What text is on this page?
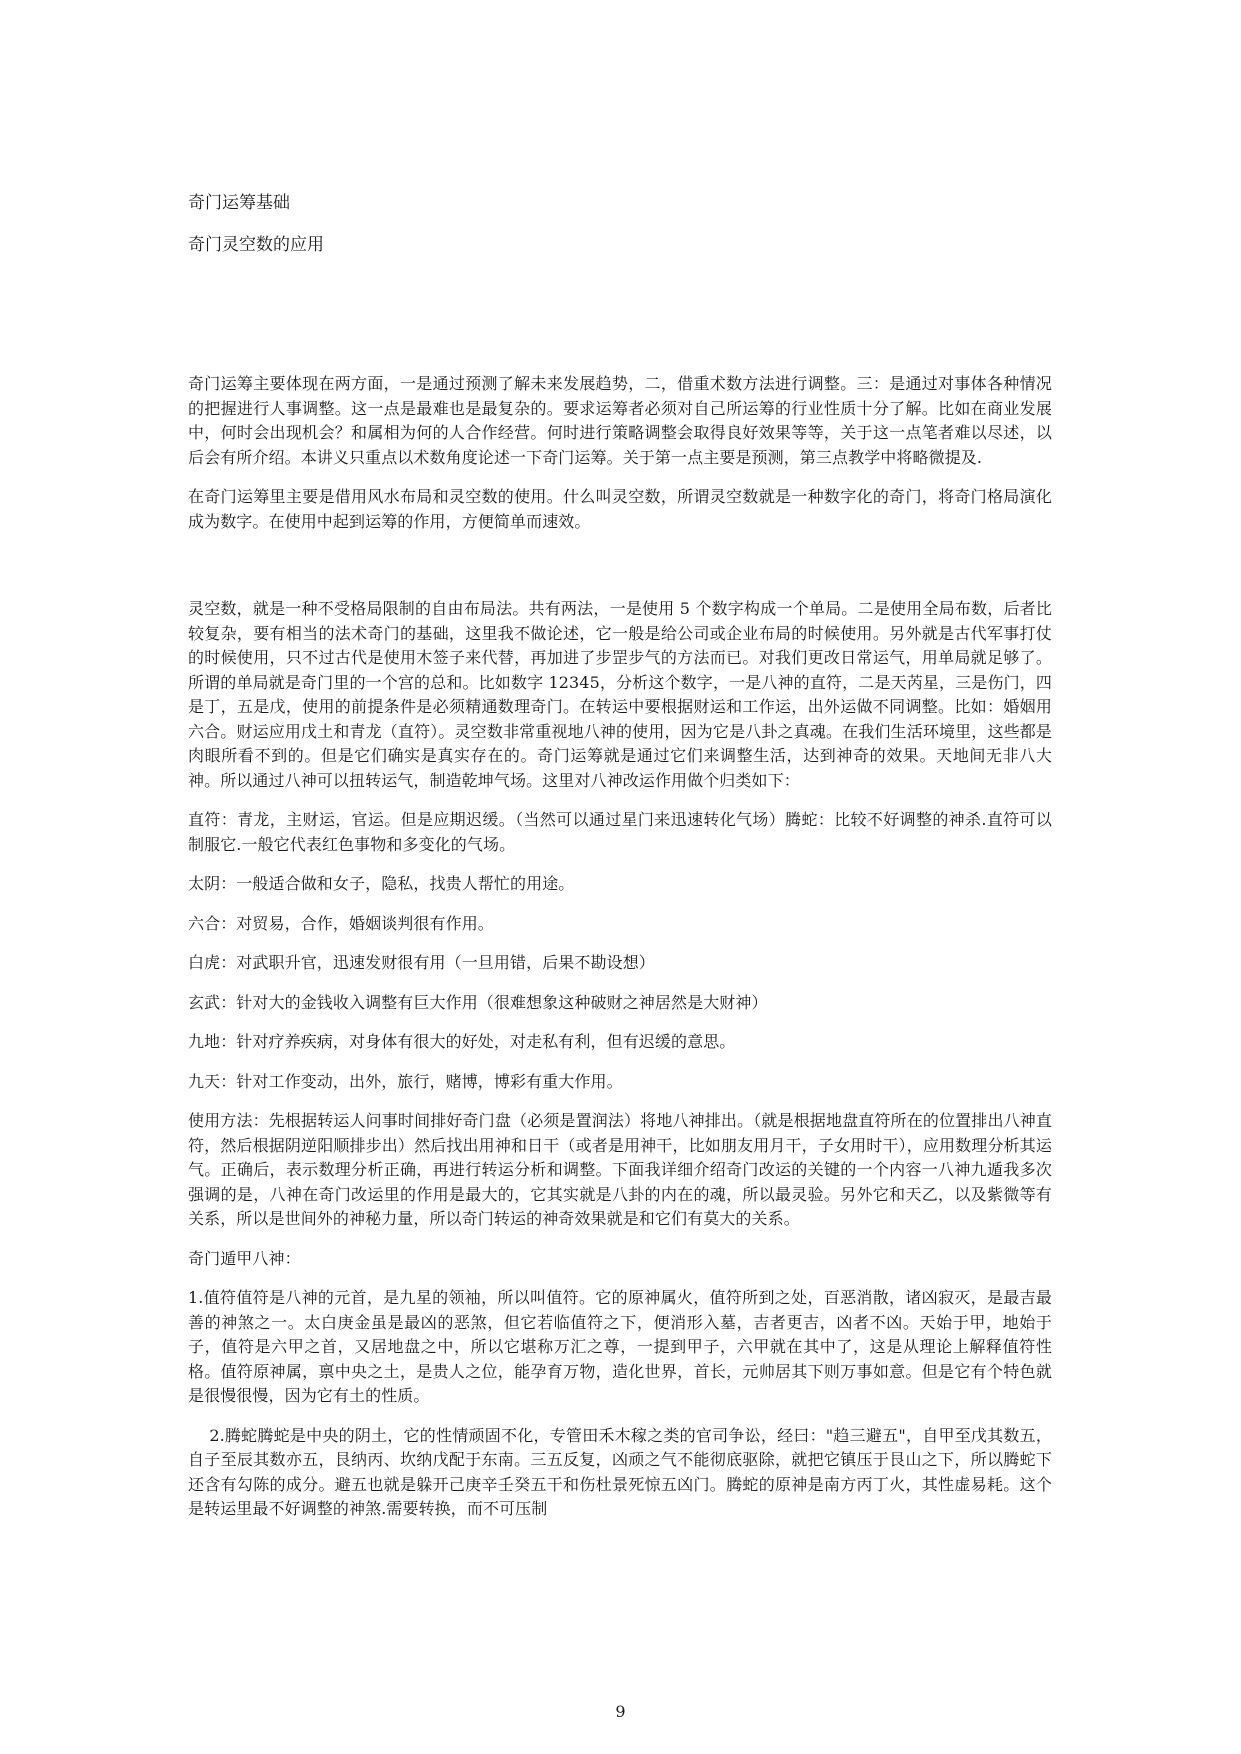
奇门运筹基础
奇门灵空数的应用

奇门运筹主要体现在两方面，一是通过预测了解未来发展趋势，二，借重术数方法进行调整。三：是通过对事体各种情况的把握进行人事调整。这一点是最难也是最复杂的。要求运筹者必须对自己所运筹的行业性质十分了解。比如在商业发展中，何时会出现机会？和属相为何的人合作经营。何时进行策略调整会取得良好效果等等，关于这一点笔者难以尽述，以后会有所介绍。本讲义只重点以术数角度论述一下奇门运筹。关于第一点主要是预测，第三点教学中将略微提及.

在奇门运筹里主要是借用风水布局和灵空数的使用。什么叫灵空数，所谓灵空数就是一种数字化的奇门，将奇门格局演化成为数字。在使用中起到运筹的作用，方便简单而速效。

灵空数，就是一种不受格局限制的自由布局法。共有两法，一是使用 5 个数字构成一个单局。二是使用全局布数，后者比较复杂，要有相当的法术奇门的基础，这里我不做论述，它一般是给公司或企业布局的时候使用。另外就是古代军事打仗的时候使用，只不过古代是使用木签子来代替，再加进了步罡步气的方法而已。对我们更改日常运气，用单局就足够了。所谓的单局就是奇门里的一个宫的总和。比如数字 12345，分析这个数字，一是八神的直符，二是天芮星，三是伤门，四是丁，五是戊，使用的前提条件是必须精通数理奇门。在转运中要根据财运和工作运，出外运做不同调整。比如：婚姻用六合。财运应用戊土和青龙（直符）。灵空数非常重视地八神的使用，因为它是八卦之真魂。在我们生活环境里，这些都是肉眼所看不到的。但是它们确实是真实存在的。奇门运筹就是通过它们来调整生活，达到神奇的效果。天地间无非八大神。所以通过八神可以扭转运气，制造乾坤气场。这里对八神改运作用做个归类如下：

直符：青龙，主财运，官运。但是应期迟缓。（当然可以通过星门来迅速转化气场）腾蛇：比较不好调整的神杀.直符可以制服它.一般它代表红色事物和多变化的气场。

太阴：一般适合做和女子，隐私，找贵人帮忙的用途。

六合：对贸易，合作，婚姻谈判很有作用。

白虎：对武职升官，迅速发财很有用（一旦用错，后果不勘设想）

玄武：针对大的金钱收入调整有巨大作用（很难想象这种破财之神居然是大财神）

九地：针对疗养疾病，对身体有很大的好处，对走私有利，但有迟缓的意思。

九天：针对工作变动，出外，旅行，赌博，博彩有重大作用。

使用方法：先根据转运人问事时间排好奇门盘（必须是置润法）将地八神排出。（就是根据地盘直符所在的位置排出八神直符，然后根据阴逆阳顺排步出）然后找出用神和日干（或者是用神干，比如朋友用月干，子女用时干），应用数理分析其运气。正确后，表示数理分析正确，再进行转运分析和调整。下面我详细介绍奇门改运的关键的一个内容一八神九遁我多次强调的是，八神在奇门改运里的作用是最大的，它其实就是八卦的内在的魂，所以最灵验。另外它和天乙，以及紫微等有关系，所以是世间外的神秘力量，所以奇门转运的神奇效果就是和它们有莫大的关系。

奇门遁甲八神：

1.值符值符是八神的元首，是九星的领袖，所以叫值符。它的原神属火，值符所到之处，百恶消散，诸凶寂灭，是最吉最善的神煞之一。太白庚金虽是最凶的恶煞，但它若临值符之下，便消形入墓，吉者更吉，凶者不凶。天始于甲，地始于子，值符是六甲之首，又居地盘之中，所以它堪称万汇之尊，一提到甲子，六甲就在其中了，这是从理论上解释值符性格。值符原神属，禀中央之土，是贵人之位，能孕育万物，造化世界，首长，元帅居其下则万事如意。但是它有个特色就是很慢很慢，因为它有土的性质。

2.腾蛇腾蛇是中央的阴土，它的性情顽固不化，专管田禾木稼之类的官司争讼，经曰："趋三避五"，自甲至戊其数五，自子至辰其数亦五，艮纳丙、坎纳戊配于东南。三五反复，凶顽之气不能彻底驱除，就把它镇压于艮山之下，所以腾蛇下还含有勾陈的成分。避五也就是躲开己庚辛壬癸五干和伤杜景死惊五凶门。腾蛇的原神是南方丙丁火，其性虚易耗。这个是转运里最不好调整的神煞.需要转换，而不可压制

9
